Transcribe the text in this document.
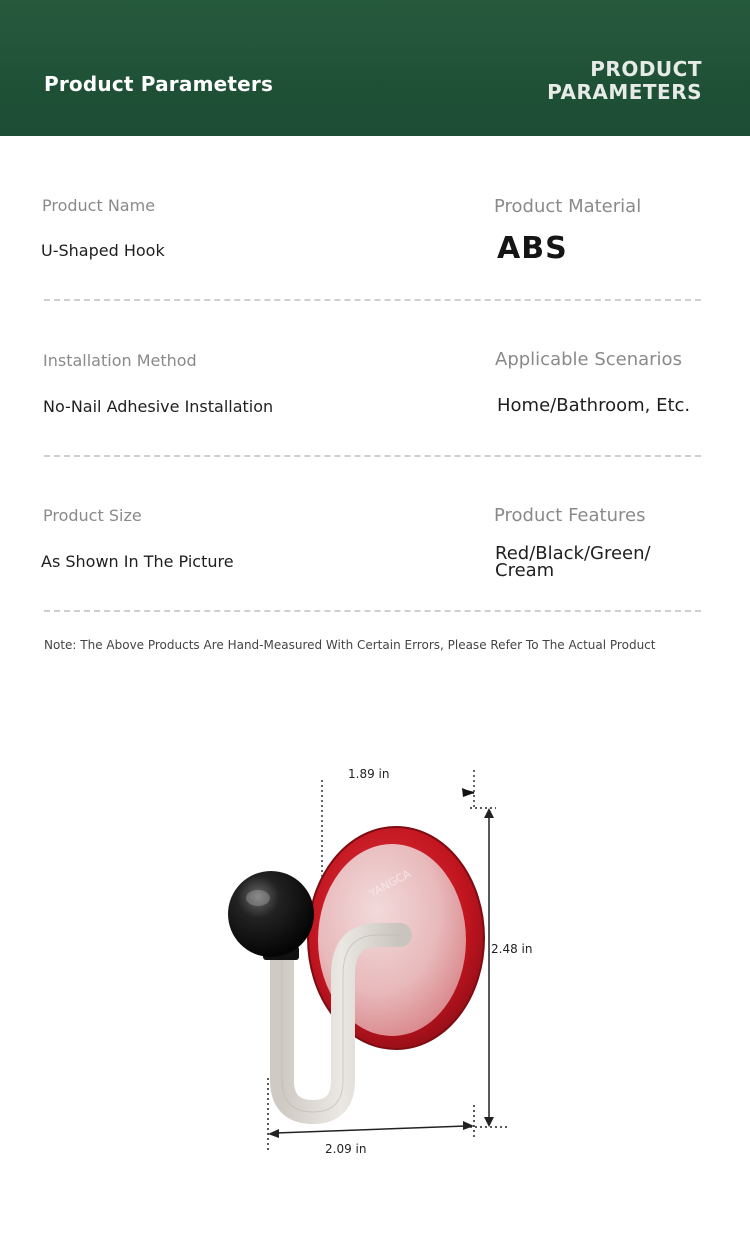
Product Parameters
PRODUCT
PARAMETERS
Product Name
U-Shaped Hook
Product Material
ABS
Installation Method
No-Nail Adhesive Installation
Applicable Scenarios
Home/Bathroom, Etc.
Product Size
As Shown In The Picture
Product Features
Red/Black/Green/
Cream
Note: The Above Products Are Hand-Measured With Certain Errors, Please Refer To The Actual Product
YANGCA
1.89 in
2.48 in
2.09 in
